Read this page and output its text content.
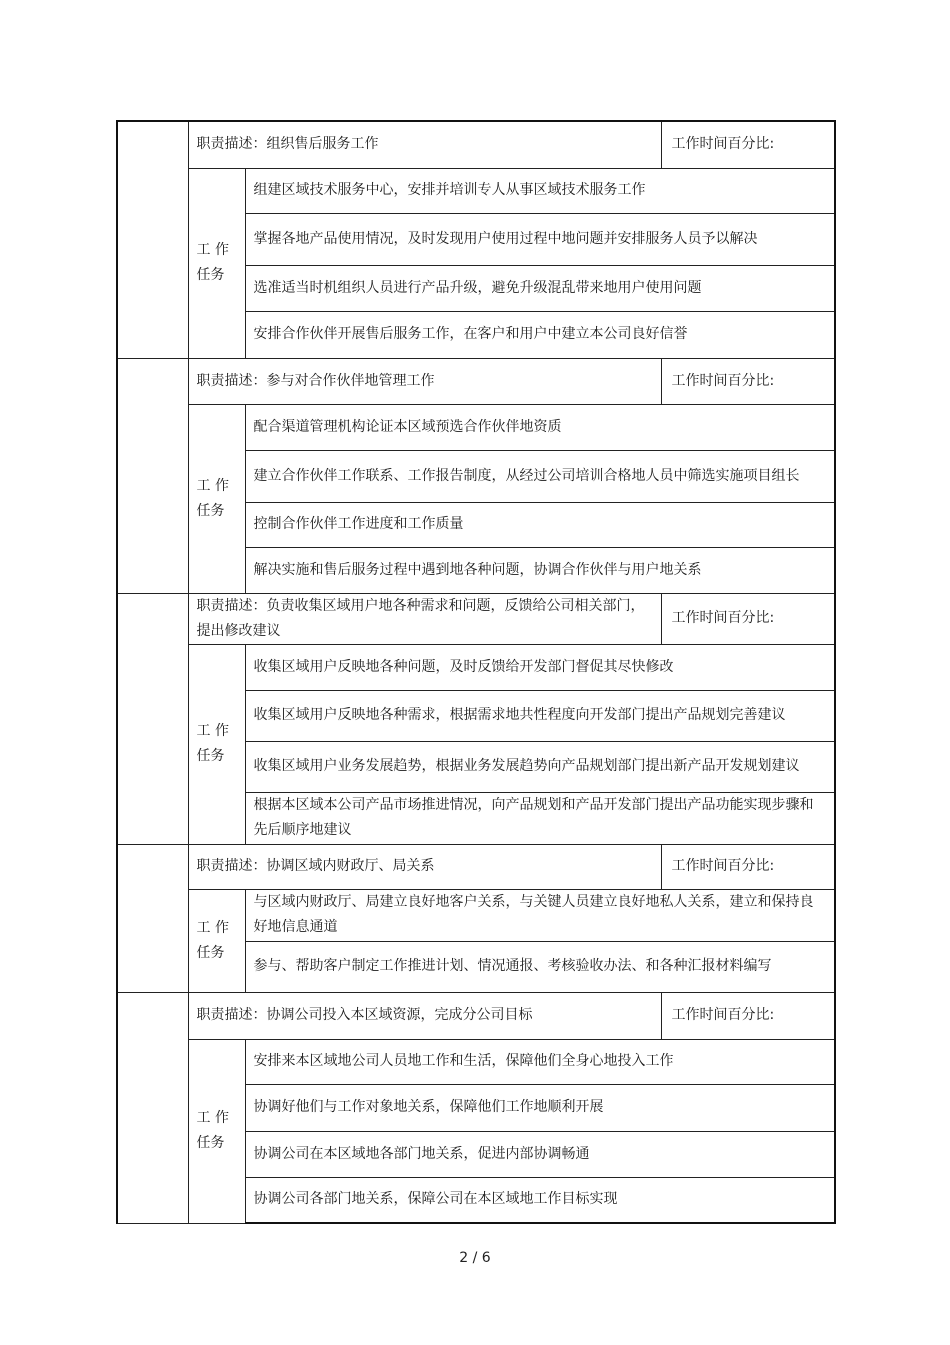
	职责描述：组织售后服务工作		工作时间百分比:

	工 作
任务	组建区域技术服务中心，安排并培训专人从事区域技术服务工作	
		掌握各地产品使用情况，及时发现用户使用过程中地问题并安排服务人员予以解决	
		选准适当时机组织人员进行产品升级，避免升级混乱带来地用户使用问题	
		安排合作伙伴开展售后服务工作，在客户和用户中建立本公司良好信誉	
	职责描述：参与对合作伙伴地管理工作		工作时间百分比:

	工 作
任务	配合渠道管理机构论证本区域预选合作伙伴地资质	
		建立合作伙伴工作联系、工作报告制度，从经过公司培训合格地人员中筛选实施项目组长	
		控制合作伙伴工作进度和工作质量	
		解决实施和售后服务过程中遇到地各种问题，协调合作伙伴与用户地关系	
	职责描述：负责收集区域用户地各种需求和问题，反馈给公司相关部门，提出修改建议		工作时间百分比:

	工 作
任务	收集区域用户反映地各种问题，及时反馈给开发部门督促其尽快修改	
		收集区域用户反映地各种需求，根据需求地共性程度向开发部门提出产品规划完善建议	
		收集区域用户业务发展趋势，根据业务发展趋势向产品规划部门提出新产品开发规划建议	
		根据本区域本公司产品市场推进情况，向产品规划和产品开发部门提出产品功能实现步骤和先后顺序地建议	
	职责描述：协调区域内财政厅、局关系		工作时间百分比:

	工 作
任务	与区域内财政厅、局建立良好地客户关系，与关键人员建立良好地私人关系，建立和保持良好地信息通道	
		参与、帮助客户制定工作推进计划、情况通报、考核验收办法、和各种汇报材料编写	
	职责描述：协调公司投入本区域资源，完成分公司目标		工作时间百分比:

	工 作
任务	安排来本区域地公司人员地工作和生活，保障他们全身心地投入工作	
		协调好他们与工作对象地关系，保障他们工作地顺利开展	
		协调公司在本区域地各部门地关系，促进内部协调畅通	
		协调公司各部门地关系，保障公司在本区域地工作目标实现	
2 / 6
